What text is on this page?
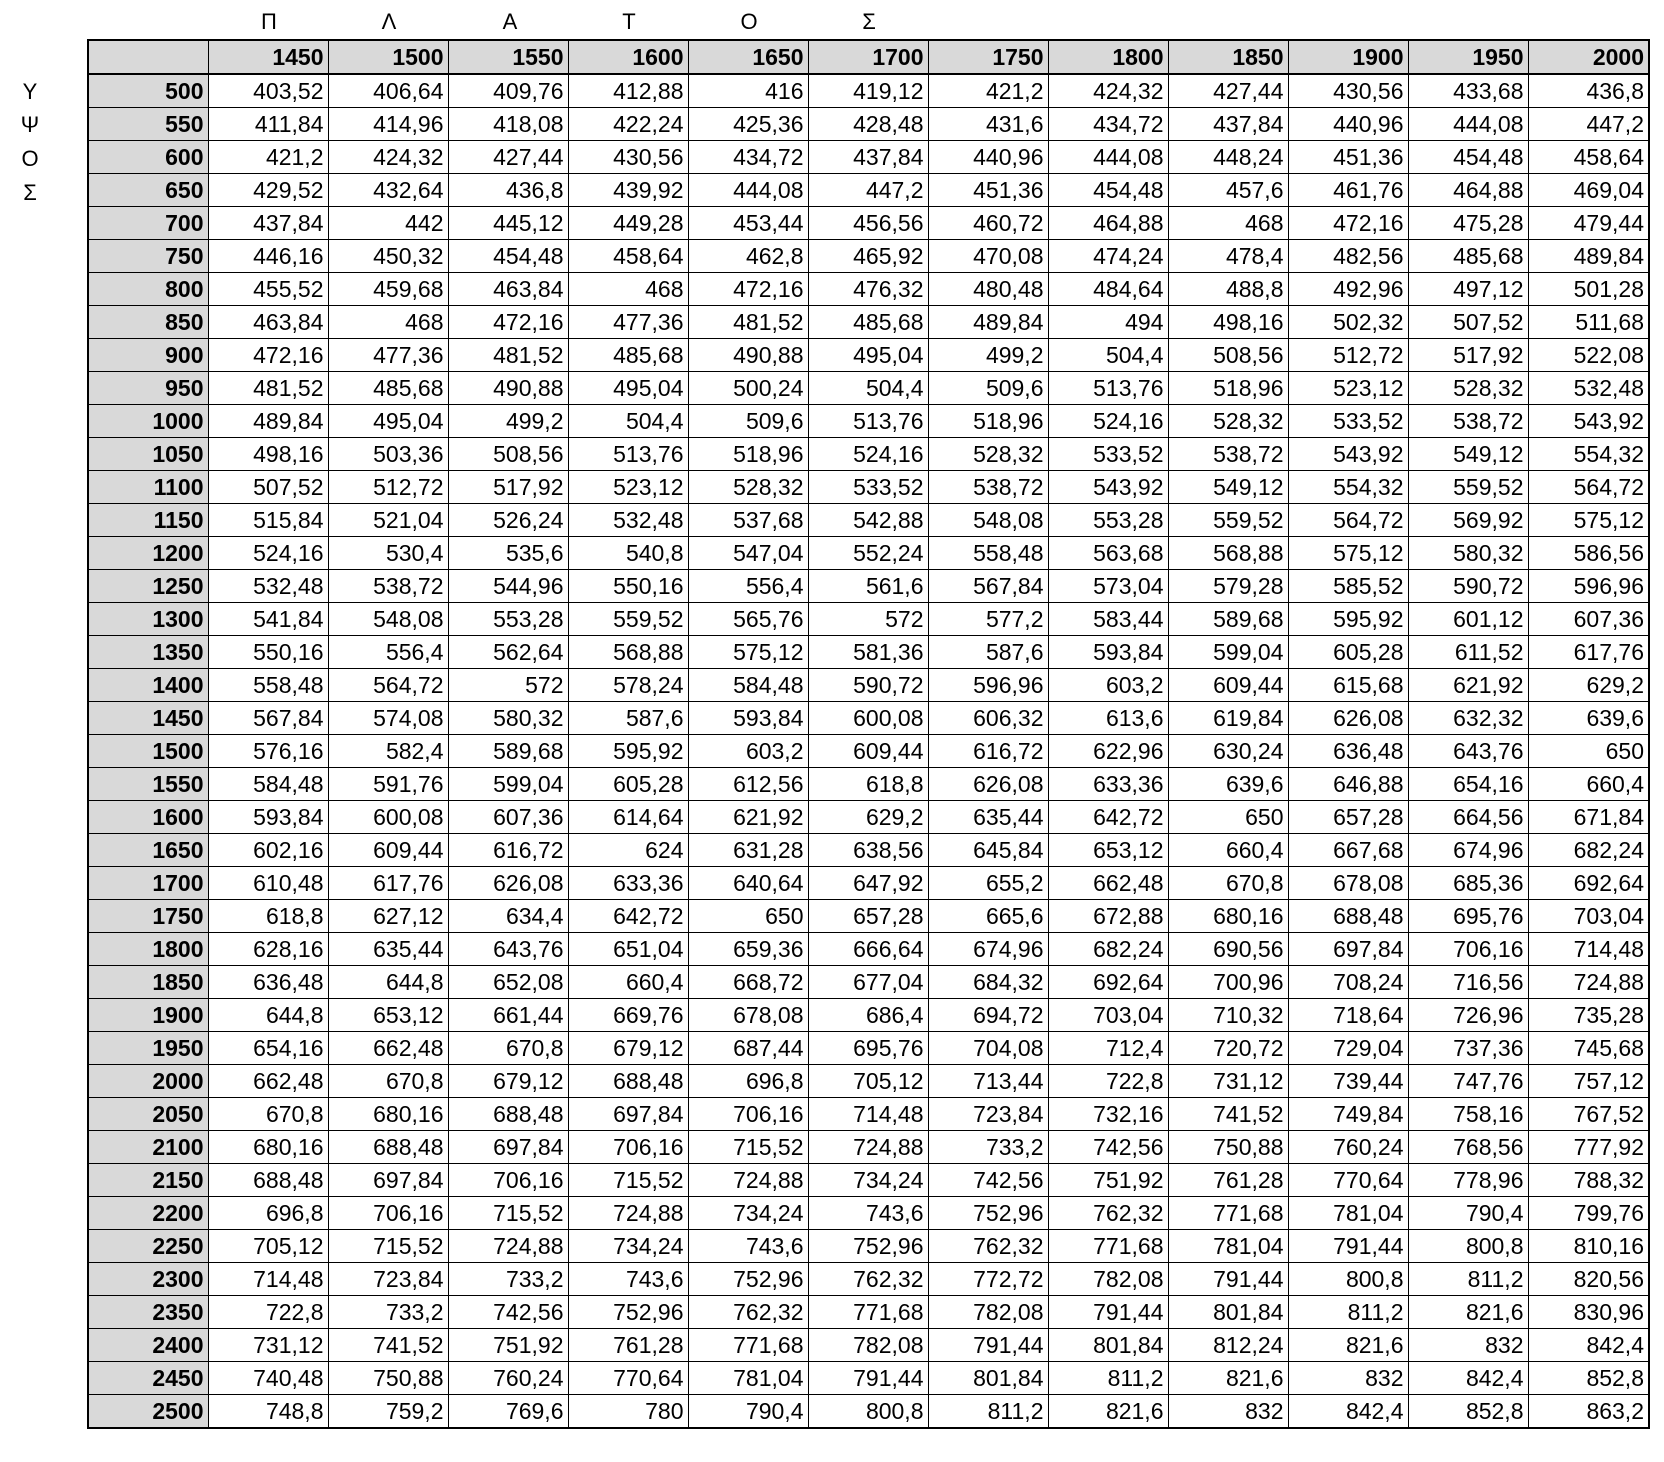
Π	Λ	Α	Τ	Ο	Σ
Υ
Ψ
Ο
Σ
	1450	1500	1550	1600	1650	1700	1750	1800	1850	1900	1950	2000
500	403,52	406,64	409,76	412,88	416	419,12	421,2	424,32	427,44	430,56	433,68	436,8
550	411,84	414,96	418,08	422,24	425,36	428,48	431,6	434,72	437,84	440,96	444,08	447,2
600	421,2	424,32	427,44	430,56	434,72	437,84	440,96	444,08	448,24	451,36	454,48	458,64
650	429,52	432,64	436,8	439,92	444,08	447,2	451,36	454,48	457,6	461,76	464,88	469,04
700	437,84	442	445,12	449,28	453,44	456,56	460,72	464,88	468	472,16	475,28	479,44
750	446,16	450,32	454,48	458,64	462,8	465,92	470,08	474,24	478,4	482,56	485,68	489,84
800	455,52	459,68	463,84	468	472,16	476,32	480,48	484,64	488,8	492,96	497,12	501,28
850	463,84	468	472,16	477,36	481,52	485,68	489,84	494	498,16	502,32	507,52	511,68
900	472,16	477,36	481,52	485,68	490,88	495,04	499,2	504,4	508,56	512,72	517,92	522,08
950	481,52	485,68	490,88	495,04	500,24	504,4	509,6	513,76	518,96	523,12	528,32	532,48
1000	489,84	495,04	499,2	504,4	509,6	513,76	518,96	524,16	528,32	533,52	538,72	543,92
1050	498,16	503,36	508,56	513,76	518,96	524,16	528,32	533,52	538,72	543,92	549,12	554,32
1100	507,52	512,72	517,92	523,12	528,32	533,52	538,72	543,92	549,12	554,32	559,52	564,72
1150	515,84	521,04	526,24	532,48	537,68	542,88	548,08	553,28	559,52	564,72	569,92	575,12
1200	524,16	530,4	535,6	540,8	547,04	552,24	558,48	563,68	568,88	575,12	580,32	586,56
1250	532,48	538,72	544,96	550,16	556,4	561,6	567,84	573,04	579,28	585,52	590,72	596,96
1300	541,84	548,08	553,28	559,52	565,76	572	577,2	583,44	589,68	595,92	601,12	607,36
1350	550,16	556,4	562,64	568,88	575,12	581,36	587,6	593,84	599,04	605,28	611,52	617,76
1400	558,48	564,72	572	578,24	584,48	590,72	596,96	603,2	609,44	615,68	621,92	629,2
1450	567,84	574,08	580,32	587,6	593,84	600,08	606,32	613,6	619,84	626,08	632,32	639,6
1500	576,16	582,4	589,68	595,92	603,2	609,44	616,72	622,96	630,24	636,48	643,76	650
1550	584,48	591,76	599,04	605,28	612,56	618,8	626,08	633,36	639,6	646,88	654,16	660,4
1600	593,84	600,08	607,36	614,64	621,92	629,2	635,44	642,72	650	657,28	664,56	671,84
1650	602,16	609,44	616,72	624	631,28	638,56	645,84	653,12	660,4	667,68	674,96	682,24
1700	610,48	617,76	626,08	633,36	640,64	647,92	655,2	662,48	670,8	678,08	685,36	692,64
1750	618,8	627,12	634,4	642,72	650	657,28	665,6	672,88	680,16	688,48	695,76	703,04
1800	628,16	635,44	643,76	651,04	659,36	666,64	674,96	682,24	690,56	697,84	706,16	714,48
1850	636,48	644,8	652,08	660,4	668,72	677,04	684,32	692,64	700,96	708,24	716,56	724,88
1900	644,8	653,12	661,44	669,76	678,08	686,4	694,72	703,04	710,32	718,64	726,96	735,28
1950	654,16	662,48	670,8	679,12	687,44	695,76	704,08	712,4	720,72	729,04	737,36	745,68
2000	662,48	670,8	679,12	688,48	696,8	705,12	713,44	722,8	731,12	739,44	747,76	757,12
2050	670,8	680,16	688,48	697,84	706,16	714,48	723,84	732,16	741,52	749,84	758,16	767,52
2100	680,16	688,48	697,84	706,16	715,52	724,88	733,2	742,56	750,88	760,24	768,56	777,92
2150	688,48	697,84	706,16	715,52	724,88	734,24	742,56	751,92	761,28	770,64	778,96	788,32
2200	696,8	706,16	715,52	724,88	734,24	743,6	752,96	762,32	771,68	781,04	790,4	799,76
2250	705,12	715,52	724,88	734,24	743,6	752,96	762,32	771,68	781,04	791,44	800,8	810,16
2300	714,48	723,84	733,2	743,6	752,96	762,32	772,72	782,08	791,44	800,8	811,2	820,56
2350	722,8	733,2	742,56	752,96	762,32	771,68	782,08	791,44	801,84	811,2	821,6	830,96
2400	731,12	741,52	751,92	761,28	771,68	782,08	791,44	801,84	812,24	821,6	832	842,4
2450	740,48	750,88	760,24	770,64	781,04	791,44	801,84	811,2	821,6	832	842,4	852,8
2500	748,8	759,2	769,6	780	790,4	800,8	811,2	821,6	832	842,4	852,8	863,2
